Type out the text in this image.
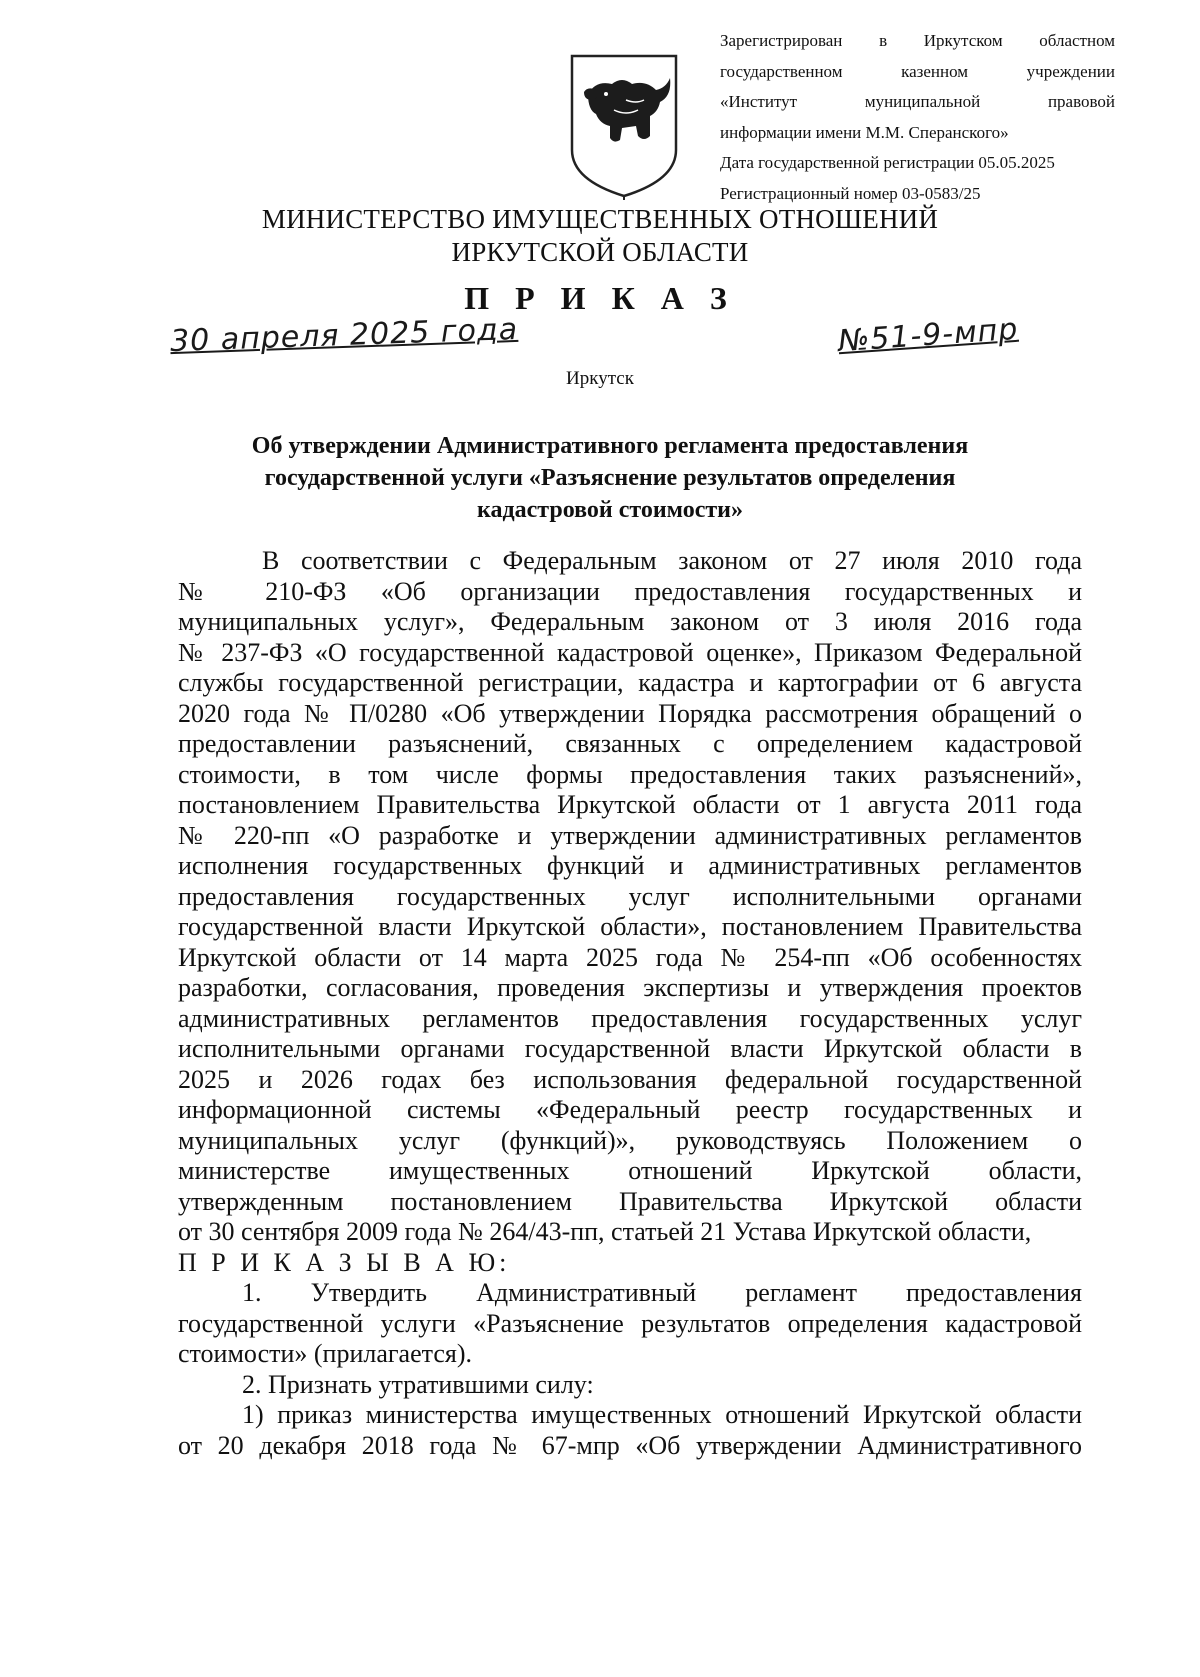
Зарегистрирован в Иркутском областном
государственном казенном учреждении
«Институт муниципальной правовой
информации имени М.М. Сперанского»
Дата государственной регистрации 05.05.2025
Регистрационный номер 03-0583/25
МИНИСТЕРСТВО ИМУЩЕСТВЕННЫХ ОТНОШЕНИЙ
ИРКУТСКОЙ ОБЛАСТИ
П Р И К А З
30 апреля 2025 года	№51-9-мпр
Иркутск
Об утверждении Административного регламента предоставления
государственной услуги «Разъяснение результатов определения
кадастровой стоимости»
В соответствии с Федеральным законом от 27 июля 2010 года
№ 210-ФЗ «Об организации предоставления государственных и
муниципальных услуг», Федеральным законом от 3 июля 2016 года
№ 237-ФЗ «О государственной кадастровой оценке», Приказом Федеральной
службы государственной регистрации, кадастра и картографии от 6 августа
2020 года № П/0280 «Об утверждении Порядка рассмотрения обращений о
предоставлении разъяснений, связанных с определением кадастровой
стоимости, в том числе формы предоставления таких разъяснений»,
постановлением Правительства Иркутской области от 1 августа 2011 года
№ 220-пп «О разработке и утверждении административных регламентов
исполнения государственных функций и административных регламентов
предоставления государственных услуг исполнительными органами
государственной власти Иркутской области», постановлением Правительства
Иркутской области от 14 марта 2025 года № 254-пп «Об особенностях
разработки, согласования, проведения экспертизы и утверждения проектов
административных регламентов предоставления государственных услуг
исполнительными органами государственной власти Иркутской области в
2025 и 2026 годах без использования федеральной государственной
информационной системы «Федеральный реестр государственных и
муниципальных услуг (функций)», руководствуясь Положением о
министерстве имущественных отношений Иркутской области,
утвержденным постановлением Правительства Иркутской области
от 30 сентября 2009 года № 264/43-пп, статьей 21 Устава Иркутской области,
П Р И К А З Ы В А Ю:
1. Утвердить Административный регламент предоставления
государственной услуги «Разъяснение результатов определения кадастровой
стоимости» (прилагается).
2. Признать утратившими силу:
1) приказ министерства имущественных отношений Иркутской области
от 20 декабря 2018 года № 67-мпр «Об утверждении Административного
